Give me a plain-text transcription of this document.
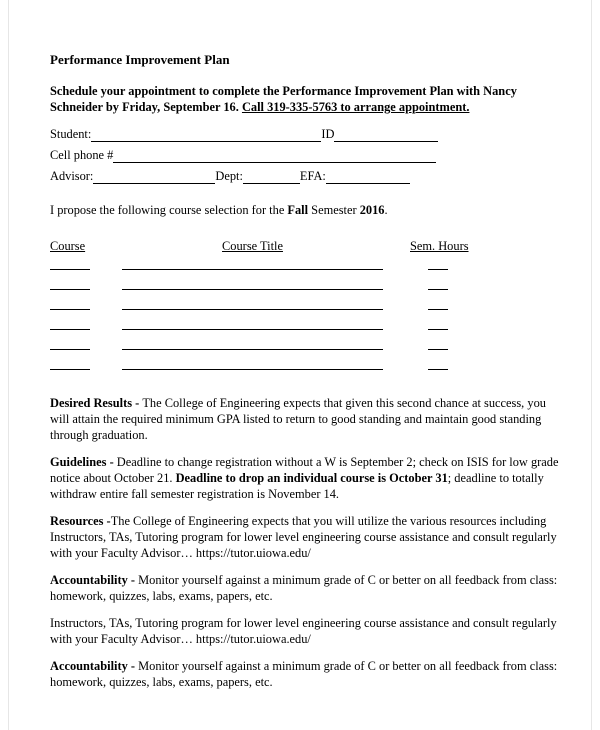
Performance Improvement Plan
Schedule your appointment to complete the Performance Improvement Plan with Nancy Schneider by Friday, September 16. Call 319-335-5763 to arrange appointment.
Student:	ID
Cell phone #
Advisor:	Dept:	EFA:
I propose the following course selection for the Fall Semester 2016.
Course	Course Title	Sem. Hours
Desired Results - The College of Engineering expects that given this second chance at success, you will attain the required minimum GPA listed to return to good standing and maintain good standing through graduation.
Guidelines - Deadline to change registration without a W is September 2; check on ISIS for low grade notice about October 21. Deadline to drop an individual course is October 31; deadline to totally withdraw entire fall semester registration is November 14.
Resources -The College of Engineering expects that you will utilize the various resources including Instructors, TAs, Tutoring program for lower level engineering course assistance and consult regularly with your Faculty Advisor… https://tutor.uiowa.edu/
Accountability - Monitor yourself against a minimum grade of C or better on all feedback from class: homework, quizzes, labs, exams, papers, etc.
Instructors, TAs, Tutoring program for lower level engineering course assistance and consult regularly with your Faculty Advisor… https://tutor.uiowa.edu/
Accountability - Monitor yourself against a minimum grade of C or better on all feedback from class: homework, quizzes, labs, exams, papers, etc.
